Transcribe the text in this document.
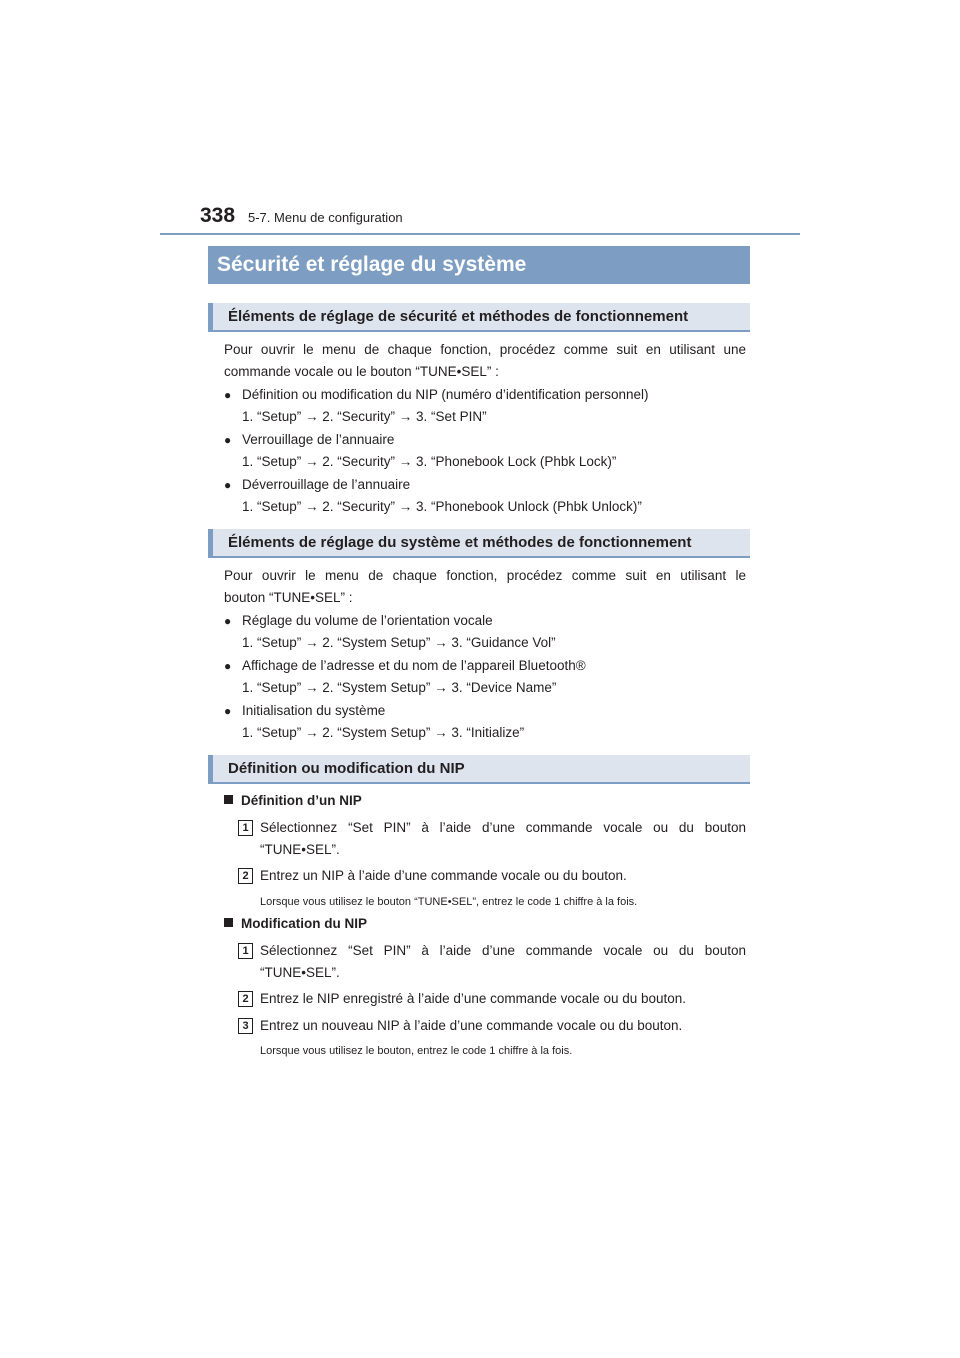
338 5-7. Menu de configuration
Sécurité et réglage du système
Éléments de réglage de sécurité et méthodes de fonctionnement
Pour ouvrir le menu de chaque fonction, procédez comme suit en utilisant une
commande vocale ou le bouton “TUNE•SEL” :
● Définition ou modification du NIP (numéro d’identification personnel)
1. “Setup” → 2. “Security” → 3. “Set PIN”
● Verrouillage de l’annuaire
1. “Setup” → 2. “Security” → 3. “Phonebook Lock (Phbk Lock)”
● Déverrouillage de l’annuaire
1. “Setup” → 2. “Security” → 3. “Phonebook Unlock (Phbk Unlock)”
Éléments de réglage du système et méthodes de fonctionnement
Pour ouvrir le menu de chaque fonction, procédez comme suit en utilisant le
bouton “TUNE•SEL” :
● Réglage du volume de l’orientation vocale
1. “Setup” → 2. “System Setup” → 3. “Guidance Vol”
● Affichage de l’adresse et du nom de l’appareil Bluetooth®
1. “Setup” → 2. “System Setup” → 3. “Device Name”
● Initialisation du système
1. “Setup” → 2. “System Setup” → 3. “Initialize”
Définition ou modification du NIP
Définition d’un NIP
1 Sélectionnez “Set PIN” à l’aide d’une commande vocale ou du bouton
“TUNE•SEL”.
2 Entrez un NIP à l’aide d’une commande vocale ou du bouton.
Lorsque vous utilisez le bouton “TUNE•SEL”, entrez le code 1 chiffre à la fois.
Modification du NIP
1 Sélectionnez “Set PIN” à l’aide d’une commande vocale ou du bouton
“TUNE•SEL”.
2 Entrez le NIP enregistré à l’aide d’une commande vocale ou du bouton.
3 Entrez un nouveau NIP à l’aide d’une commande vocale ou du bouton.
Lorsque vous utilisez le bouton, entrez le code 1 chiffre à la fois.
